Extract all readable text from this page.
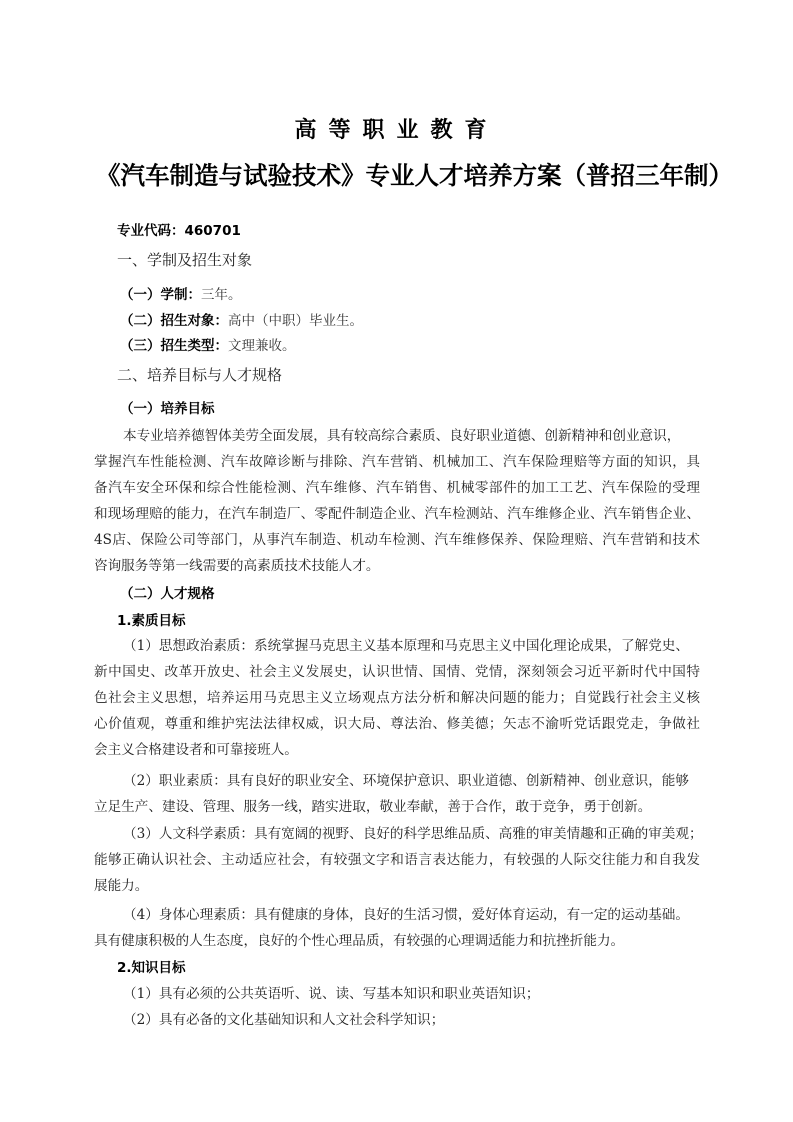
高等职业教育
《汽车制造与试验技术》专业人才培养方案（普招三年制）
专业代码：460701
一、学制及招生对象
（一）学制：三年。
（二）招生对象：高中（中职）毕业生。
（三）招生类型：文理兼收。
二、培养目标与人才规格
（一）培养目标
本专业培养德智体美劳全面发展，具有较高综合素质、良好职业道德、创新精神和创业意识，
掌握汽车性能检测、汽车故障诊断与排除、汽车营销、机械加工、汽车保险理赔等方面的知识，具
备汽车安全环保和综合性能检测、汽车维修、汽车销售、机械零部件的加工工艺、汽车保险的受理
和现场理赔的能力，在汽车制造厂、零配件制造企业、汽车检测站、汽车维修企业、汽车销售企业、
4S店、保险公司等部门，从事汽车制造、机动车检测、汽车维修保养、保险理赔、汽车营销和技术
咨询服务等第一线需要的高素质技术技能人才。
（二）人才规格
1.素质目标
（1）思想政治素质：系统掌握马克思主义基本原理和马克思主义中国化理论成果，了解党史、
新中国史、改革开放史、社会主义发展史，认识世情、国情、党情，深刻领会习近平新时代中国特
色社会主义思想，培养运用马克思主义立场观点方法分析和解决问题的能力；自觉践行社会主义核
心价值观，尊重和维护宪法法律权威，识大局、尊法治、修美德；矢志不渝听党话跟党走，争做社
会主义合格建设者和可靠接班人。
（2）职业素质：具有良好的职业安全、环境保护意识、职业道德、创新精神、创业意识，能够
立足生产、建设、管理、服务一线，踏实进取，敬业奉献，善于合作，敢于竞争，勇于创新。
（3）人文科学素质：具有宽阔的视野、良好的科学思维品质、高雅的审美情趣和正确的审美观；
能够正确认识社会、主动适应社会，有较强文字和语言表达能力，有较强的人际交往能力和自我发
展能力。
（4）身体心理素质：具有健康的身体，良好的生活习惯，爱好体育运动，有一定的运动基础。
具有健康积极的人生态度，良好的个性心理品质，有较强的心理调适能力和抗挫折能力。
2.知识目标
（1）具有必须的公共英语听、说、读、写基本知识和职业英语知识；
（2）具有必备的文化基础知识和人文社会科学知识；
